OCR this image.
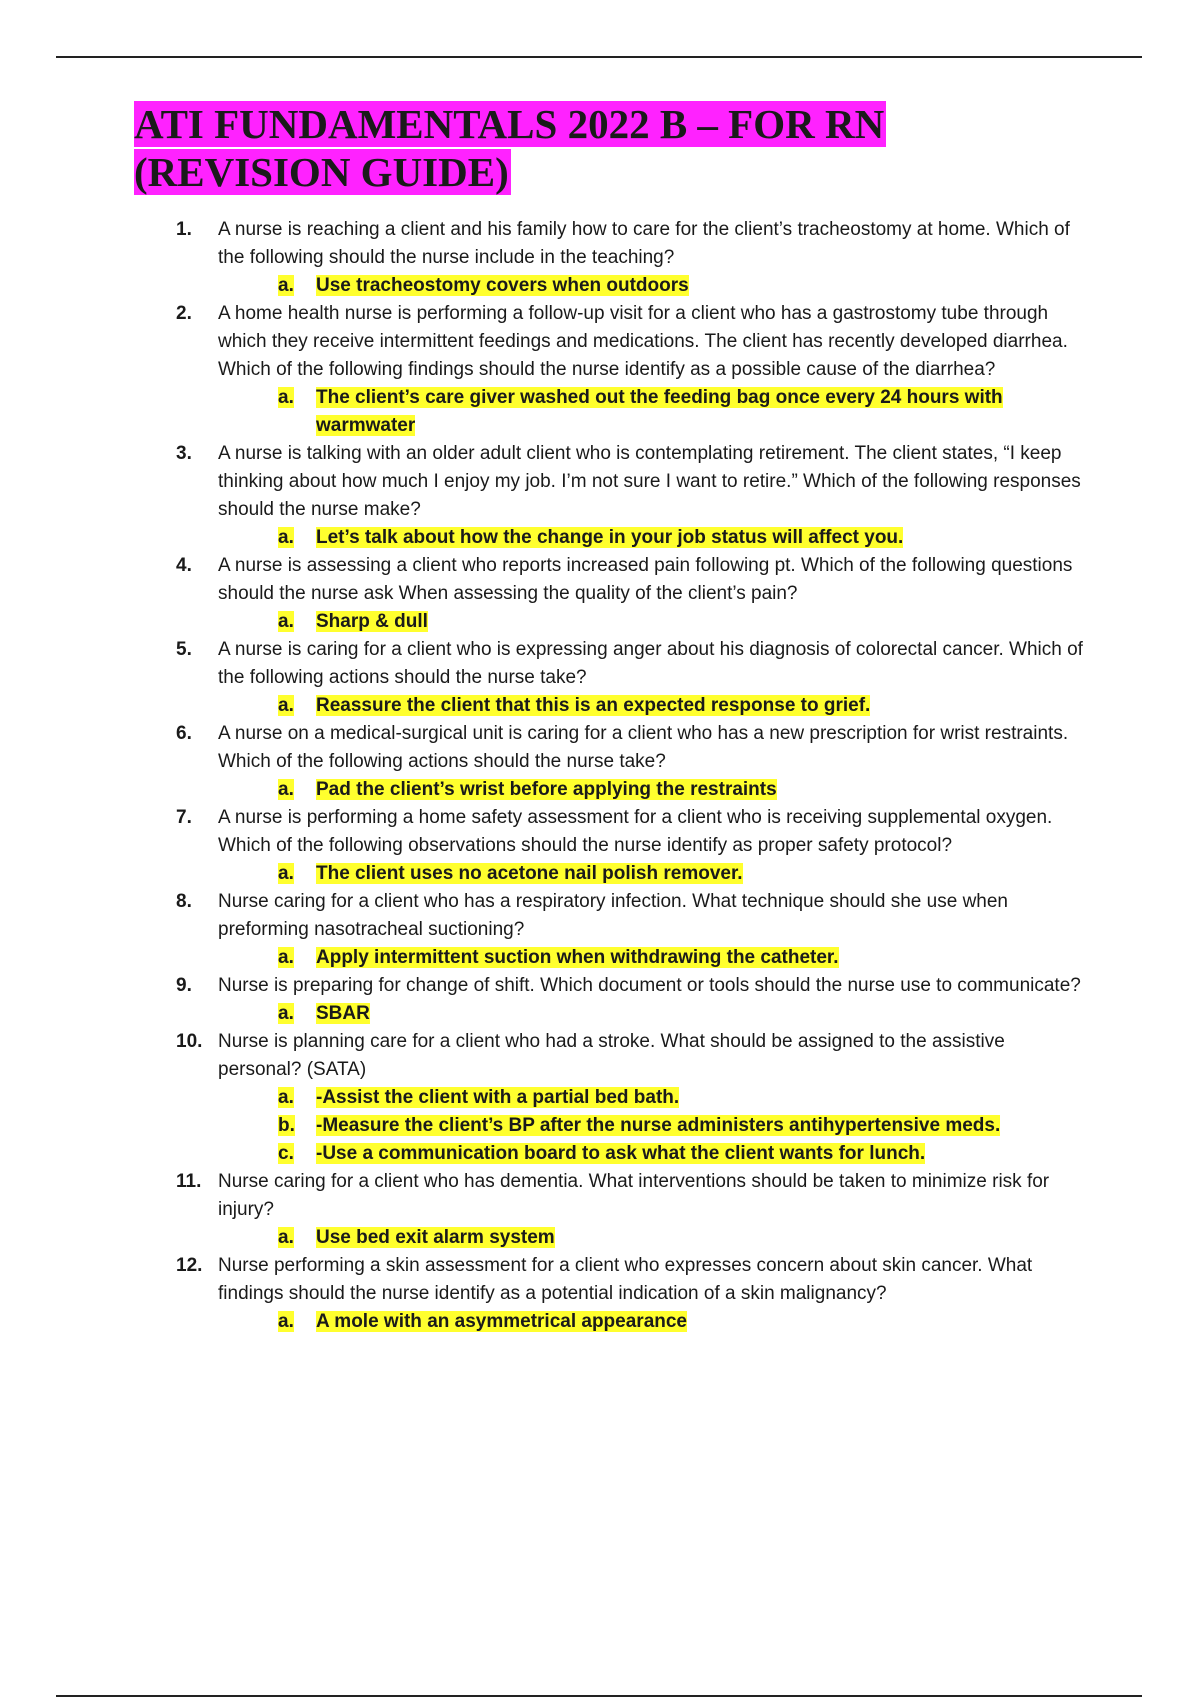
ATI FUNDAMENTALS 2022 B – FOR RN
(REVISION GUIDE)
1.	A nurse is reaching a client and his family how to care for the client’s tracheostomy at home. Which of the following should the nurse include in the teaching?
a.	Use tracheostomy covers when outdoors
2.	A home health nurse is performing a follow-up visit for a client who has a gastrostomy tube through which they receive intermittent feedings and medications. The client has recently developed diarrhea. Which of the following findings should the nurse identify as a possible cause of the diarrhea?
a.	The client’s care giver washed out the feeding bag once every 24 hours with warmwater
3.	A nurse is talking with an older adult client who is contemplating retirement. The client states, “I keep thinking about how much I enjoy my job. I’m not sure I want to retire.” Which of the following responses should the nurse make?
a.	Let’s talk about how the change in your job status will affect you.
4.	A nurse is assessing a client who reports increased pain following pt. Which of the following questions should the nurse ask When assessing the quality of the client’s pain?
a.	Sharp & dull
5.	A nurse is caring for a client who is expressing anger about his diagnosis of colorectal cancer. Which of the following actions should the nurse take?
a.	Reassure the client that this is an expected response to grief.
6.	A nurse on a medical-surgical unit is caring for a client who has a new prescription for wrist restraints. Which of the following actions should the nurse take?
a.	Pad the client’s wrist before applying the restraints
7.	A nurse is performing a home safety assessment for a client who is receiving supplemental oxygen. Which of the following observations should the nurse identify as proper safety protocol?
a.	The client uses no acetone nail polish remover.
8.	Nurse caring for a client who has a respiratory infection. What technique should she use when preforming nasotracheal suctioning?
a.	Apply intermittent suction when withdrawing the catheter.
9.	Nurse is preparing for change of shift. Which document or tools should the nurse use to communicate?
a.	SBAR
10. Nurse is planning care for a client who had a stroke. What should be assigned to the assistive personal? (SATA)
a.	-Assist the client with a partial bed bath.
b.	-Measure the client’s BP after the nurse administers antihypertensive meds.
c.	-Use a communication board to ask what the client wants for lunch.
11. Nurse caring for a client who has dementia. What interventions should be taken to minimize risk for injury?
a.	Use bed exit alarm system
12. Nurse performing a skin assessment for a client who expresses concern about skin cancer. What findings should the nurse identify as a potential indication of a skin malignancy?
a.	A mole with an asymmetrical appearance
